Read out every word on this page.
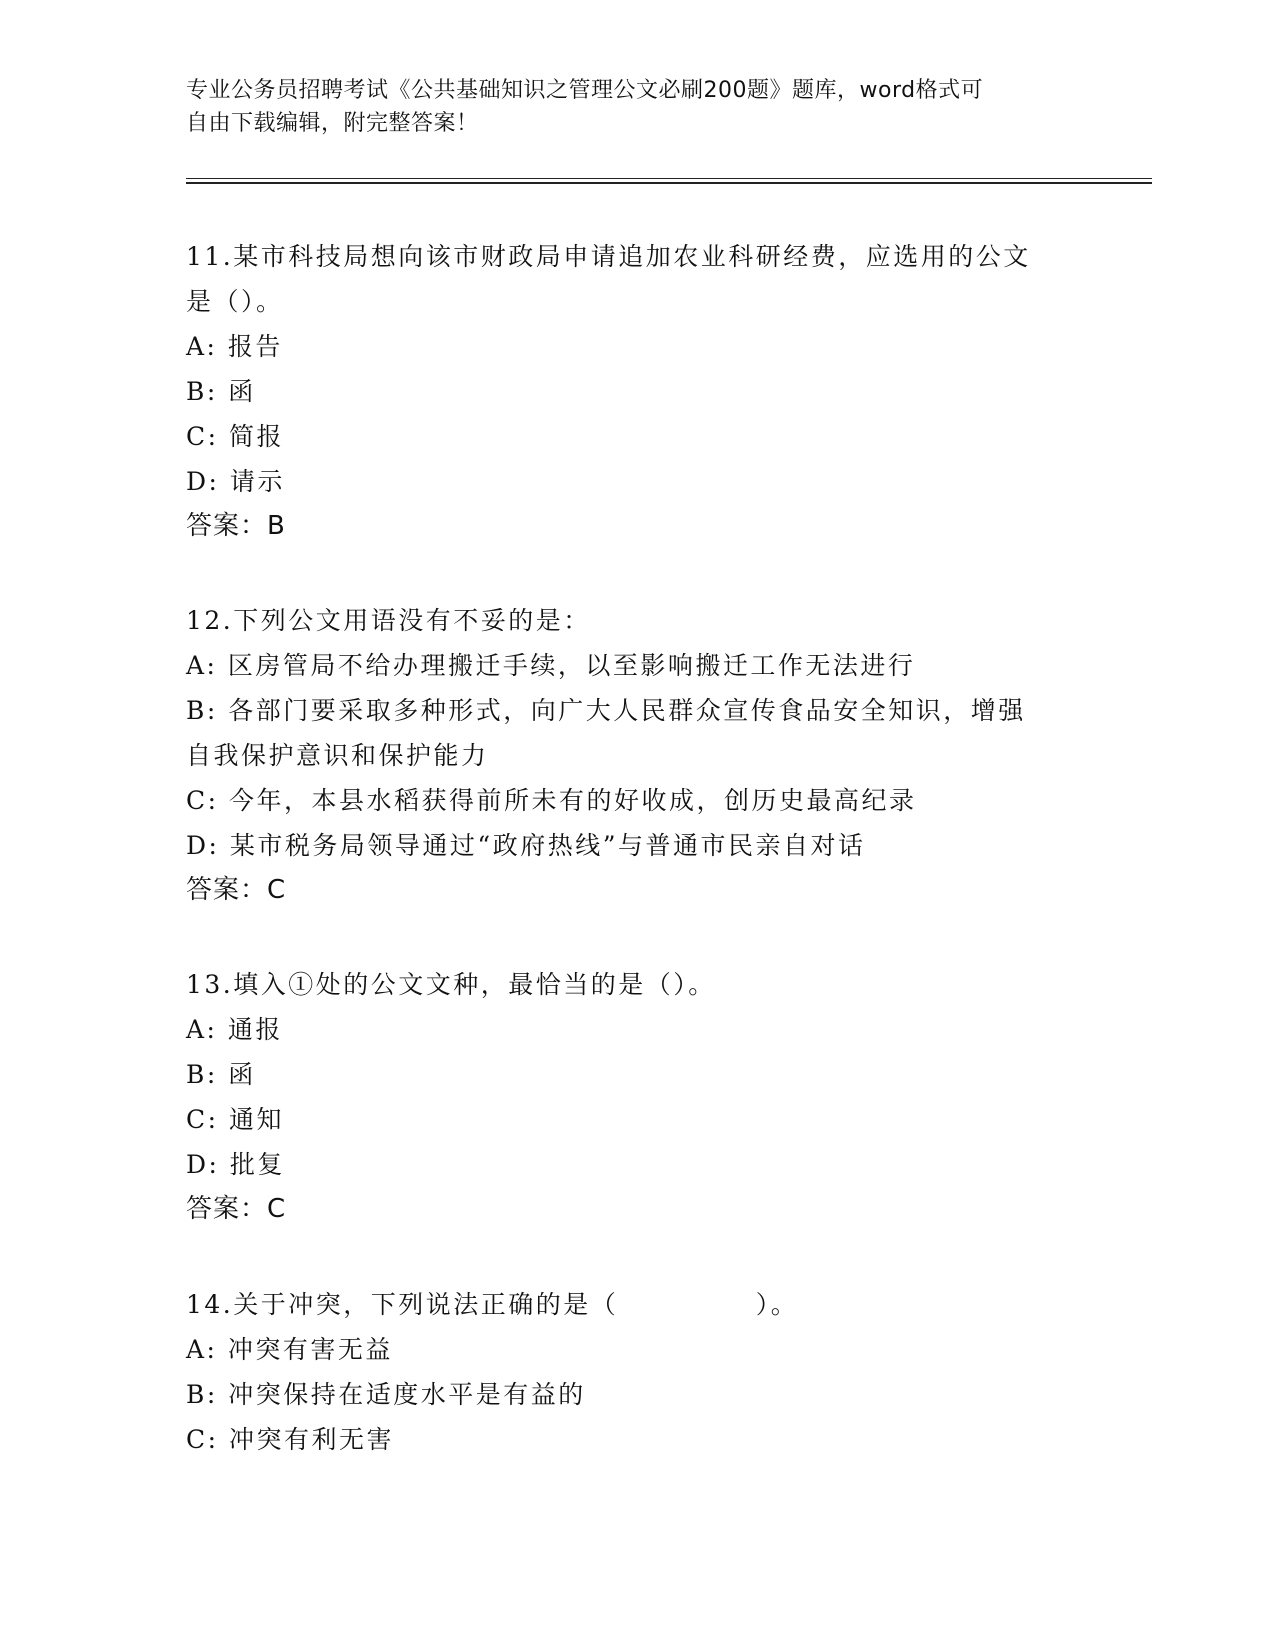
专业公务员招聘考试《公共基础知识之管理公文必刷200题》题库，word格式可
自由下载编辑，附完整答案！
11.某市科技局想向该市财政局申请追加农业科研经费，应选用的公文
是（）。
A: 报告
B: 函
C: 简报
D: 请示
答案：B
12.下列公文用语没有不妥的是：
A: 区房管局不给办理搬迁手续，以至影响搬迁工作无法进行
B: 各部门要采取多种形式，向广大人民群众宣传食品安全知识，增强
自我保护意识和保护能力
C: 今年，本县水稻获得前所未有的好收成，创历史最高纪录
D: 某市税务局领导通过“政府热线”与普通市民亲自对话
答案：C
13.填入①处的公文文种，最恰当的是（）。
A: 通报
B: 函
C: 通知
D: 批复
答案：C
14.关于冲突，下列说法正确的是（　　　　　）。
A: 冲突有害无益
B: 冲突保持在适度水平是有益的
C: 冲突有利无害
